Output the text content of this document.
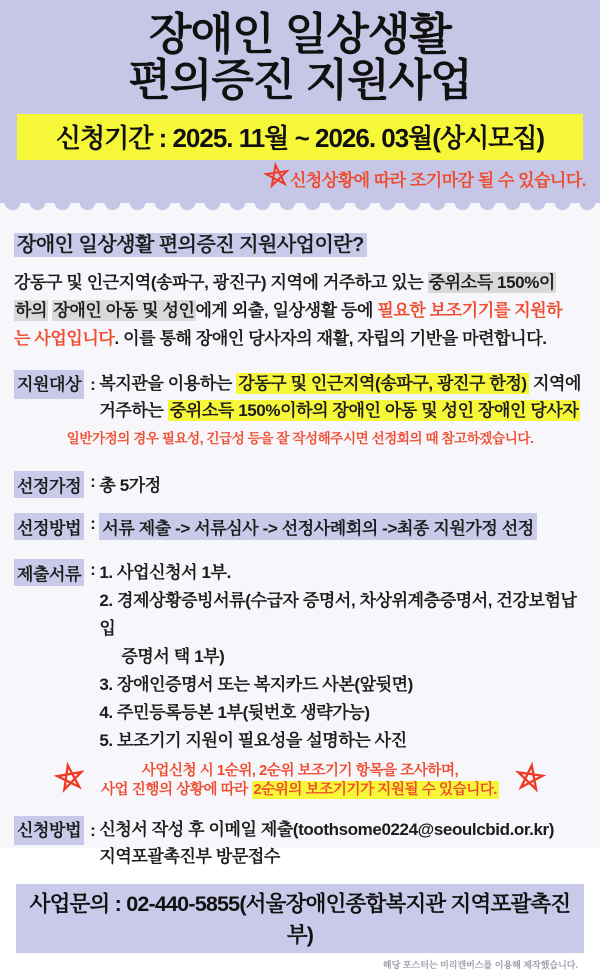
장애인 일상생활
편의증진 지원사업
신청기간 : 2025. 11월 ~ 2026. 03월(상시모집)
신청상황에 따라 조기마감 될 수 있습니다.
장애인 일상생활 편의증진 지원사업이란?
강동구 및 인근지역(송파구, 광진구) 지역에 거주하고 있는 중위소득 150%이
하의 장애인 아동 및 성인에게 외출, 일상생활 등에 필요한 보조기기를 지원하
는 사업입니다. 이를 통해 장애인 당사자의 재활, 자립의 기반을 마련합니다.
지원대상 : 복지관을 이용하는 강동구 및 인근지역(송파구, 광진구 한정) 지역에
거주하는 중위소득 150%이하의 장애인 아동 및 성인 장애인 당사자
일반가정의 경우 필요성, 긴급성 등을 잘 작성해주시면 선정회의 때 참고하겠습니다.
선정가정 : 총 5가정
선정방법 : 서류 제출 -> 서류심사 -> 선정사례회의 ->최종 지원가정 선정
제출서류 : 1. 사업신청서 1부.
2. 경제상황증빙서류(수급자 증명서, 차상위계층증명서, 건강보험납입
증명서 택 1부)
3. 장애인증명서 또는 복지카드 사본(앞뒷면)
4. 주민등록등본 1부(뒷번호 생략가능)
5. 보조기기 지원이 필요성을 설명하는 사진
사업신청 시 1순위, 2순위 보조기기 항목을 조사하며,
사업 진행의 상황에 따라 2순위의 보조기기가 지원될 수 있습니다.
신청방법 : 신청서 작성 후 이메일 제출(toothsome0224@seoulcbid.or.kr)
지역포괄촉진부 방문접수
사업문의 : 02-440-5855(서울장애인종합복지관 지역포괄촉진부)
해당 포스터는 미리캔버스를 이용해 제작했습니다.
